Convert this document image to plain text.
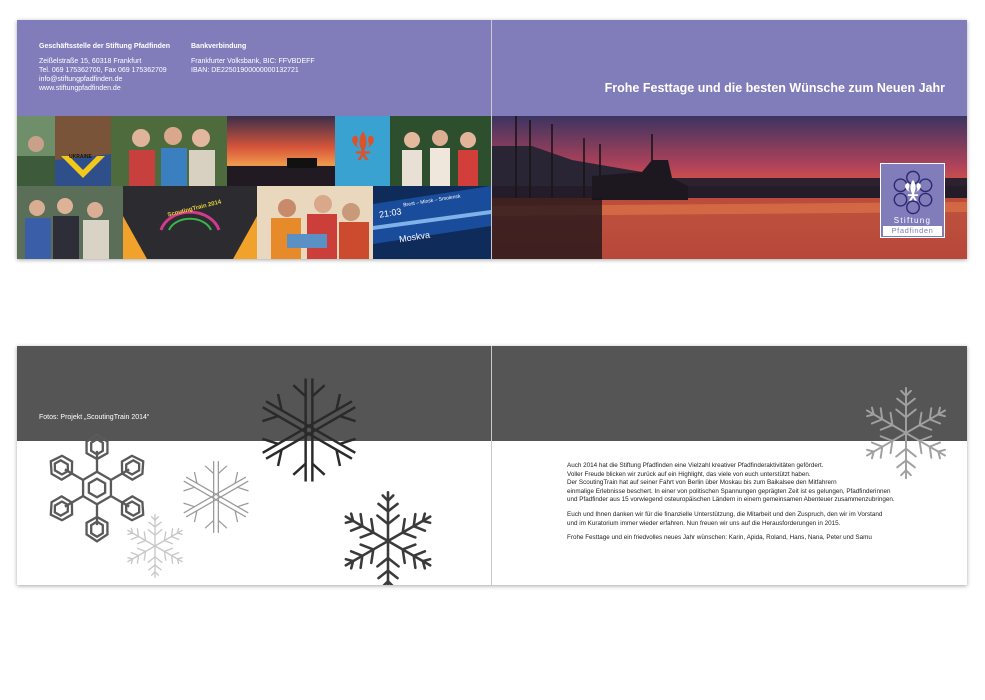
Geschäftsstelle der Stiftung Pfadfinden
Zeißelstraße 15, 60318 Frankfurt
Tel. 069 175362700, Fax 069 175362709
info@stiftungpfadfinden.de
www.stiftungpfadfinden.de
Bankverbindung
Frankfurter Volksbank, BIC: FFVBDEFF
IBAN: DE22501900000000132721
Frohe Festtage und die besten Wünsche zum Neuen Jahr
UKRAINE
ScoutingTrain 2014	21:03
Brest – Minsk – Smolensk
Moskva
Stiftung
Pfadfinden
Fotos: Projekt „ScoutingTrain 2014“

Auch 2014 hat die Stiftung Pfadfinden eine Vielzahl kreativer Pfadfinderaktivitäten gefördert.
Voller Freude blicken wir zurück auf ein Highlight, das viele von euch unterstützt haben.
Der ScoutingTrain hat auf seiner Fahrt von Berlin über Moskau bis zum Baikalsee den Mitfahrern
einmalige Erlebnisse beschert. In einer von politischen Spannungen geprägten Zeit ist es gelungen, Pfadfinderinnen
und Pfadfinder aus 15 vorwiegend osteuropäischen Ländern in einem gemeinsamen Abenteuer zusammenzubringen.

Euch und Ihnen danken wir für die finanzielle Unterstützung, die Mitarbeit und den Zuspruch, den wir im Vorstand
und im Kuratorium immer wieder erfahren. Nun freuen wir uns auf die Herausforderungen in 2015.

Frohe Festtage und ein friedvolles neues Jahr wünschen: Karin, Apida, Roland, Hans, Nana, Peter und Samu
